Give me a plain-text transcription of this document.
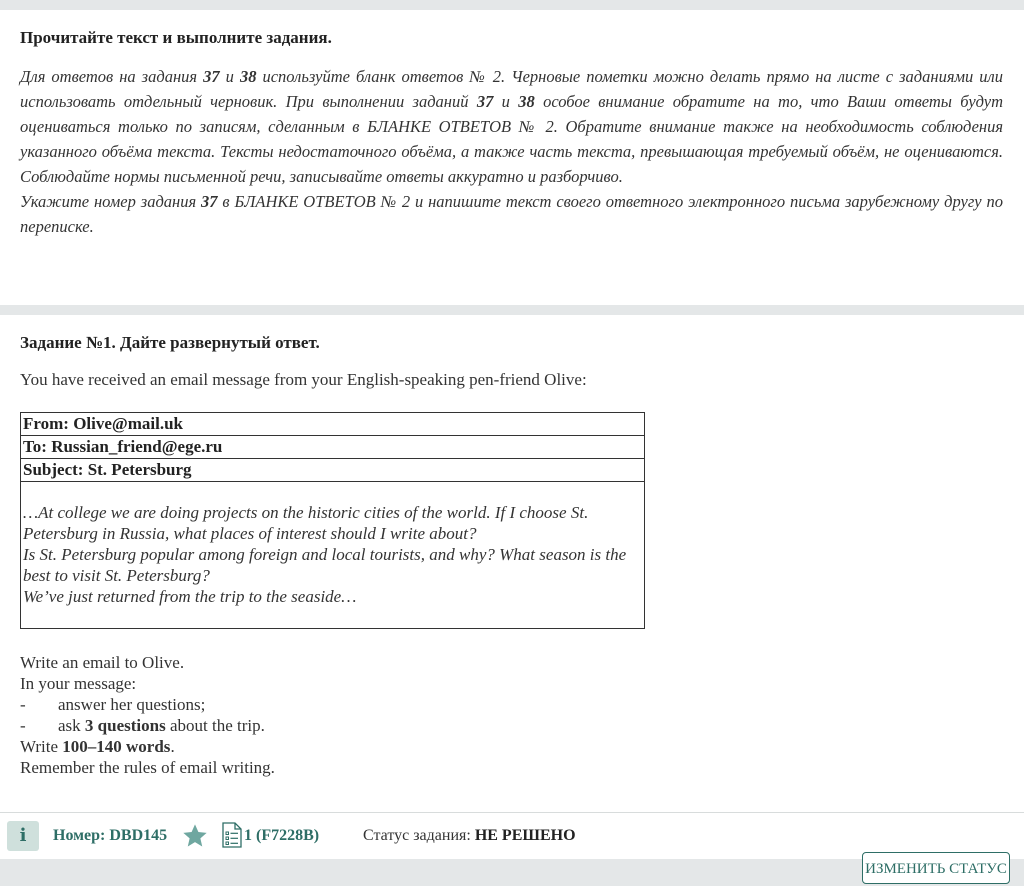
Прочитайте текст и выполните задания.

Для ответов на задания 37 и 38 используйте бланк ответов № 2. Черновые пометки можно делать прямо на листе с заданиями или использовать отдельный черновик. При выполнении заданий 37 и 38 особое внимание обратите на то, что Ваши ответы будут оцениваться только по записям, сделанным в БЛАНКЕ ОТВЕТОВ № 2. Обратите внимание также на необходимость соблюдения указанного объёма текста. Тексты недостаточного объёма, а также часть текста, превышающая требуемый объём, не оцениваются. Соблюдайте нормы письменной речи, записывайте ответы аккуратно и разборчиво.

Укажите номер задания 37 в БЛАНКЕ ОТВЕТОВ № 2 и напишите текст своего ответного электронного письма зарубежному другу по переписке.

Задание №1. Дайте развернутый ответ.
You have received an email message from your English-speaking pen-friend Olive:
From: Olive@mail.uk
To: Russian_friend@ege.ru
Subject: St. Petersburg

…At college we are doing projects on the historic cities of the world. If I choose St. Petersburg in Russia, what places of interest should I write about?

Is St. Petersburg popular among foreign and local tourists, and why? What season is the best to visit St. Petersburg?

We’ve just returned from the trip to the seaside…

Write an email to Olive.
In your message:
- answer her questions;
- ask 3 questions about the trip.
Write 100–140 words.
Remember the rules of email writing.
i	Номер: DBD145	1 (F7228B)	Статус задания: НЕ РЕШЕНО
ИЗМЕНИТЬ СТАТУС
